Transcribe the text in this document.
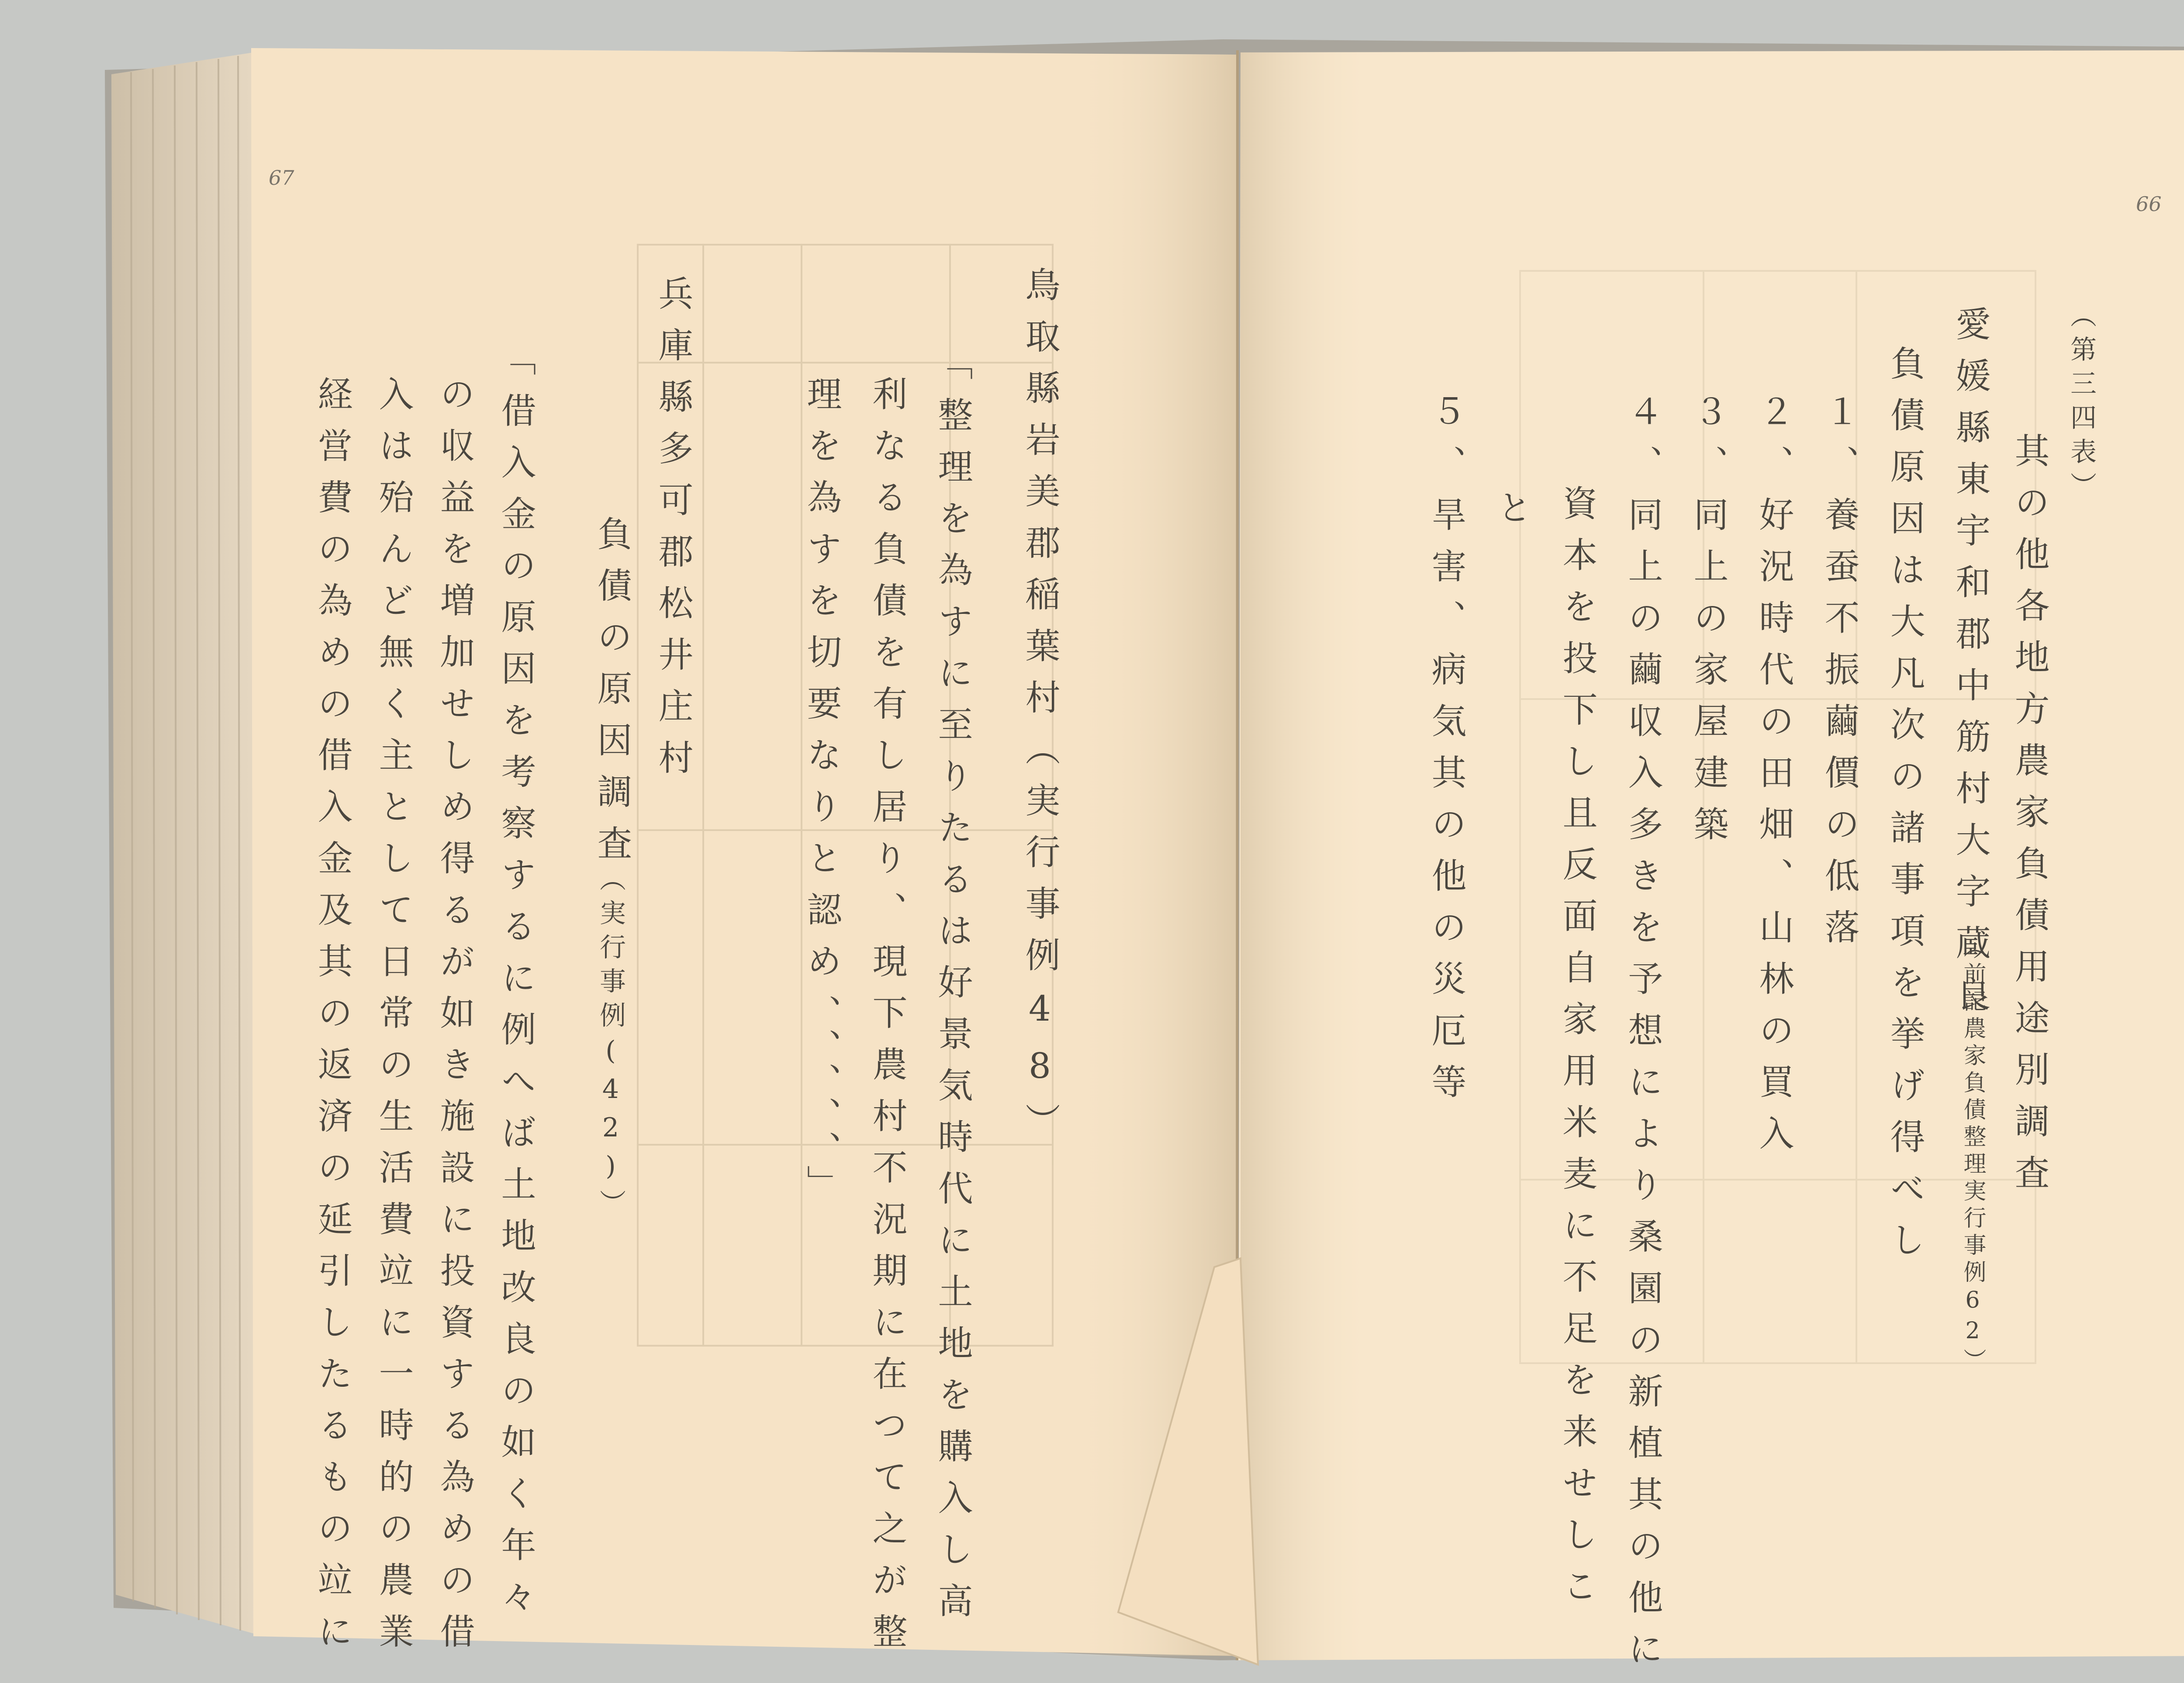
67
鳥取縣岩美郡稲葉村（実行事例48）
「整理を為すに至りたるは好景気時代に土地を購入し高
利なる負債を有し居り、現下農村不況期に在つて之が整
理を為すを切要なりと認め、、、、、」
兵庫縣多可郡松井庄村
負債の原因調査
（実行事例(42)）
「借入金の原因を考察するに例へば土地改良の如く年々
の収益を増加せしめ得るが如き施設に投資する為めの借
入は殆んど無く主として日常の生活費竝に一時的の農業
経営費の為めの借入金及其の返済の延引したるもの竝に
66
（第三四表）
其の他各地方農家負債用途別調査
愛媛縣東宇和郡中筋村大字蔵良
（前記農家負債整理実行事例62）
負債原因は大凡次の諸事項を挙げ得べし
１、養蚕不振繭價の低落
２、好況時代の田畑、山林の買入
３、同上の家屋建築
４、同上の繭収入多きを予想により桑園の新植其の他に
資本を投下し且反面自家用米麦に不足を来せしこ
と
５、旱害、病気其の他の災厄等
